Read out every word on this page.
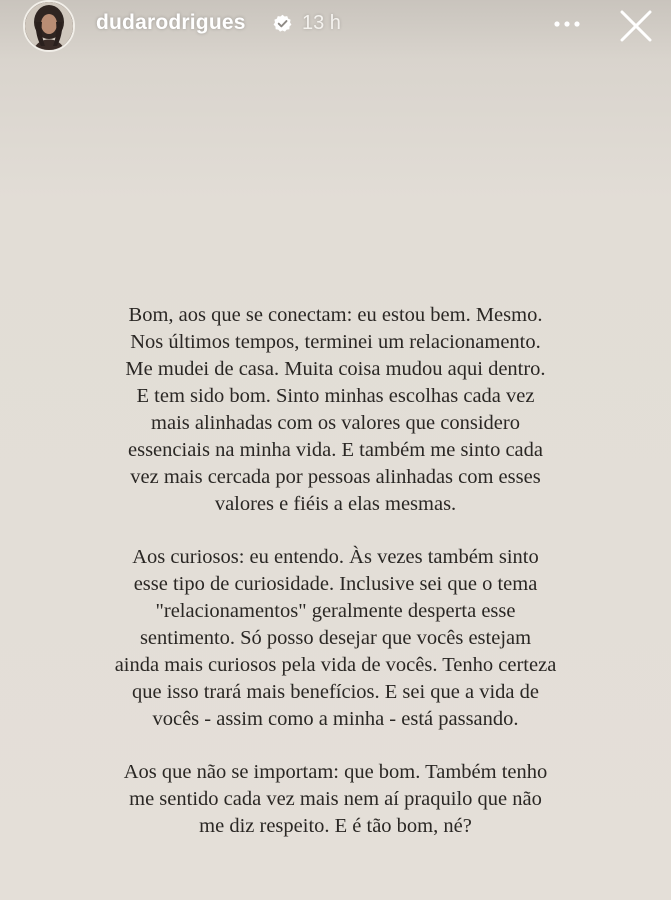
dudarodrigues	13 h

Bom, aos que se conectam: eu estou bem. Mesmo.
Nos últimos tempos, terminei um relacionamento.
Me mudei de casa. Muita coisa mudou aqui dentro.
E tem sido bom. Sinto minhas escolhas cada vez
mais alinhadas com os valores que considero
essenciais na minha vida. E também me sinto cada
vez mais cercada por pessoas alinhadas com esses
valores e fiéis a elas mesmas.

Aos curiosos: eu entendo. Às vezes também sinto
esse tipo de curiosidade. Inclusive sei que o tema
"relacionamentos" geralmente desperta esse
sentimento. Só posso desejar que vocês estejam
ainda mais curiosos pela vida de vocês. Tenho certeza
que isso trará mais benefícios. E sei que a vida de
vocês - assim como a minha - está passando.

Aos que não se importam: que bom. Também tenho
me sentido cada vez mais nem aí praquilo que não
me diz respeito. E é tão bom, né?
